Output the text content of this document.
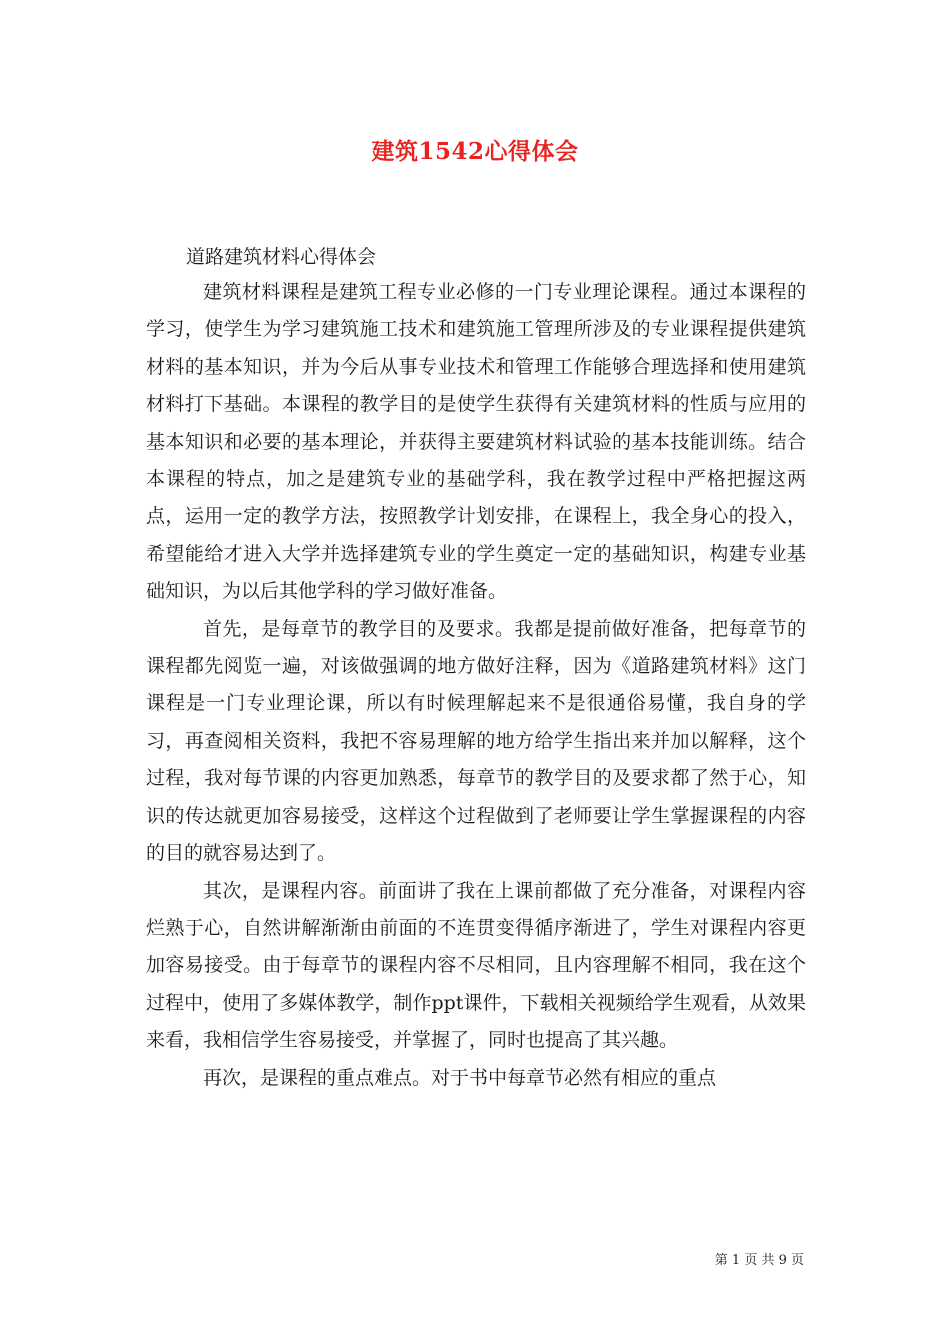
建筑1542心得体会

道路建筑材料心得体会

建筑材料课程是建筑工程专业必修的一门专业理论课程。通过本课程的学习，使学生为学习建筑施工技术和建筑施工管理所涉及的专业课程提供建筑材料的基本知识，并为今后从事专业技术和管理工作能够合理选择和使用建筑材料打下基础。本课程的教学目的是使学生获得有关建筑材料的性质与应用的基本知识和必要的基本理论，并获得主要建筑材料试验的基本技能训练。结合本课程的特点，加之是建筑专业的基础学科，我在教学过程中严格把握这两点，运用一定的教学方法，按照教学计划安排，在课程上，我全身心的投入，希望能给才进入大学并选择建筑专业的学生奠定一定的基础知识，构建专业基础知识，为以后其他学科的学习做好准备。

首先，是每章节的教学目的及要求。我都是提前做好准备，把每章节的课程都先阅览一遍，对该做强调的地方做好注释，因为《道路建筑材料》这门课程是一门专业理论课，所以有时候理解起来不是很通俗易懂，我自身的学习，再查阅相关资料，我把不容易理解的地方给学生指出来并加以解释，这个过程，我对每节课的内容更加熟悉，每章节的教学目的及要求都了然于心，知识的传达就更加容易接受，这样这个过程做到了老师要让学生掌握课程的内容的目的就容易达到了。

其次，是课程内容。前面讲了我在上课前都做了充分准备，对课程内容烂熟于心，自然讲解渐渐由前面的不连贯变得循序渐进了，学生对课程内容更加容易接受。由于每章节的课程内容不尽相同，且内容理解不相同，我在这个过程中，使用了多媒体教学，制作ppt课件，下载相关视频给学生观看，从效果来看，我相信学生容易接受，并掌握了，同时也提高了其兴趣。

再次，是课程的重点难点。对于书中每章节必然有相应的重点

第 1 页 共 9 页
